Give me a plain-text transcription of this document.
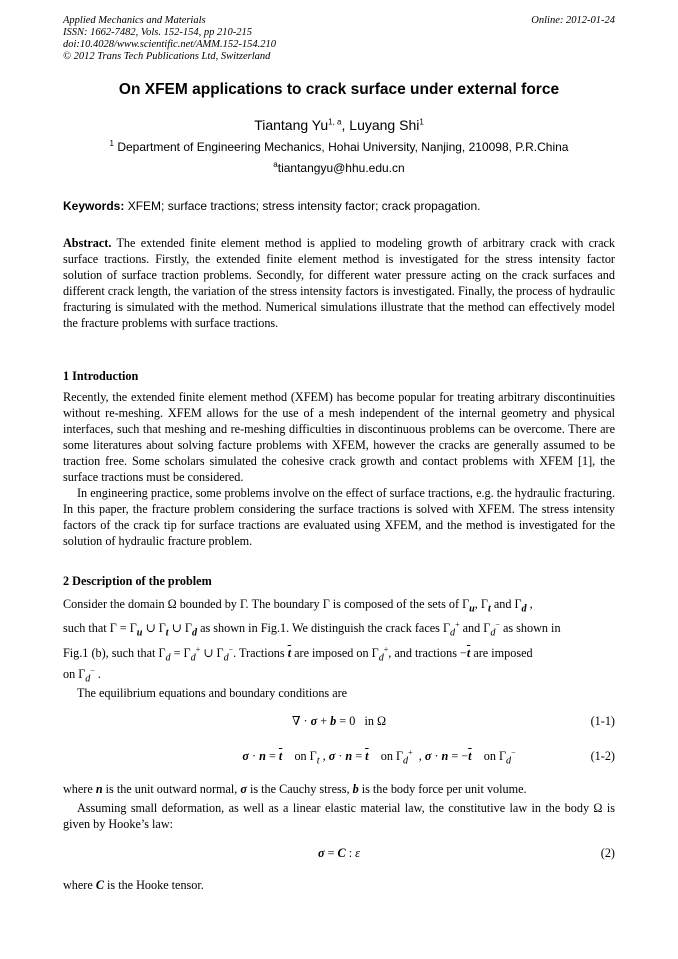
Applied Mechanics and Materials
ISSN: 1662-7482, Vols. 152-154, pp 210-215
doi:10.4028/www.scientific.net/AMM.152-154.210
© 2012 Trans Tech Publications Ltd, Switzerland
Online: 2012-01-24
On XFEM applications to crack surface under external force
Tiantang Yu$^{1, a}$, Luyang Shi$^1$
$^1$ Department of Engineering Mechanics, Hohai University, Nanjing, 210098, P.R.China
$^a$tiantangyu@hhu.edu.cn
Keywords: XFEM; surface tractions; stress intensity factor; crack propagation.
Abstract. The extended finite element method is applied to modeling growth of arbitrary crack with crack surface tractions. Firstly, the extended finite element method is investigated for the stress intensity factor solution of surface traction problems. Secondly, for different water pressure acting on the crack surfaces and different crack length, the variation of the stress intensity factors is investigated. Finally, the process of hydraulic fracturing is simulated with the method. Numerical simulations illustrate that the method can effectively model the fracture problems with surface tractions.
1 Introduction
Recently, the extended finite element method (XFEM) has become popular for treating arbitrary discontinuities without re-meshing. XFEM allows for the use of a mesh independent of the internal geometry and physical interfaces, such that meshing and re-meshing difficulties in discontinuous problems can be overcome. There are some literatures about solving facture problems with XFEM, however the cracks are generally assumed to be traction free. Some scholars simulated the cohesive crack growth and contact problems with XFEM [1], the surface tractions must be considered.
In engineering practice, some problems involve on the effect of surface tractions, e.g. the hydraulic fracturing. In this paper, the fracture problem considering the surface tractions is solved with XFEM. The stress intensity factors of the crack tip for surface tractions are evaluated using XFEM, and the method is investigated for the solution of hydraulic fracture problem.
2 Description of the problem
Consider the domain Ω bounded by Γ. The boundary Γ is composed of the sets of $\Gamma_u$, $\Gamma_t$ and $\Gamma_d$ ,
such that $\Gamma = \Gamma_u$ ∪ $\Gamma_t$ ∪ $\Gamma_d$ as shown in Fig.1. We distinguish the crack faces $\Gamma_d^+$ and $\Gamma_d^-$ as shown in
Fig.1 (b), such that $\Gamma_d = \Gamma_d^+$ ∪ $\Gamma_d^-$. Tractions $\overline{t}$ are imposed on $\Gamma_d^+$, and tractions $-\overline{t}$ are imposed
on $\Gamma_d^-$ .
The equilibrium equations and boundary conditions are
∇ · σ + b = 0   in Ω	(1-1)
$\sigma \cdot n = \overline{t}$    on $\Gamma_t$ , $\sigma \cdot n = \overline{t}$    on $\Gamma_d^+$  , $\sigma \cdot n = -\overline{t}$    on $\Gamma_d^-$	(1-2)
where n is the unit outward normal, σ is the Cauchy stress, b is the body force per unit volume.
Assuming small deformation, as well as a linear elastic material law, the constitutive law in the body Ω is given by Hooke’s law:
σ = C : ε	(2)
where C is the Hooke tensor.
